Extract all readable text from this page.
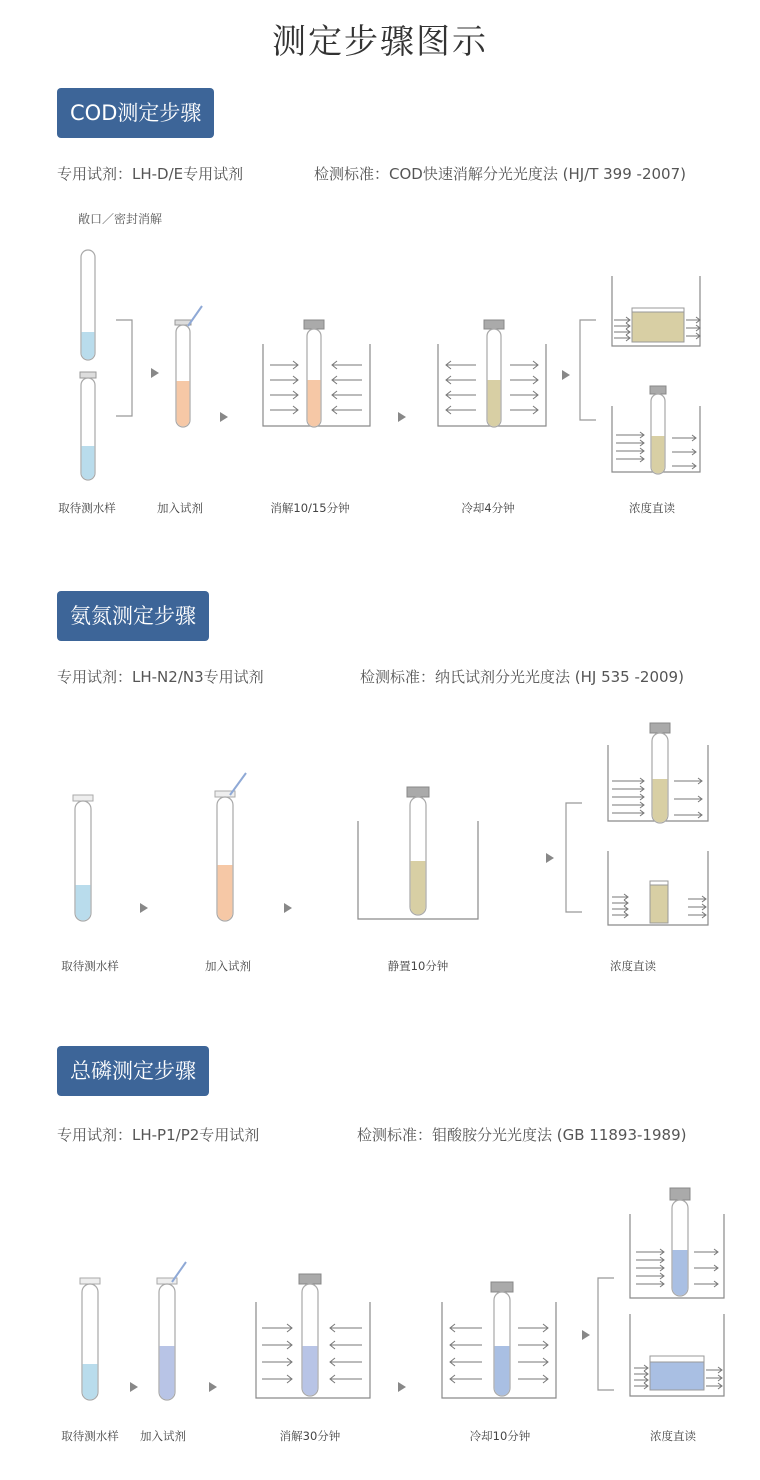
测定步骤图示
COD测定步骤
专用试剂：LH-D/E专用试剂	检测标准：COD快速消解分光光度法 (HJ/T 399 -2007)
敞口／密封消解
取待测水样	加入试剂	消解10/15分钟	冷却4分钟	浓度直读
氨氮测定步骤
专用试剂：LH-N2/N3专用试剂	检测标准：纳氏试剂分光光度法 (HJ 535 -2009)
取待测水样	加入试剂	静置10分钟	浓度直读
总磷测定步骤
专用试剂：LH-P1/P2专用试剂	检测标准：钼酸胺分光光度法 (GB 11893-1989)
取待测水样	加入试剂	消解30分钟	冷却10分钟	浓度直读
